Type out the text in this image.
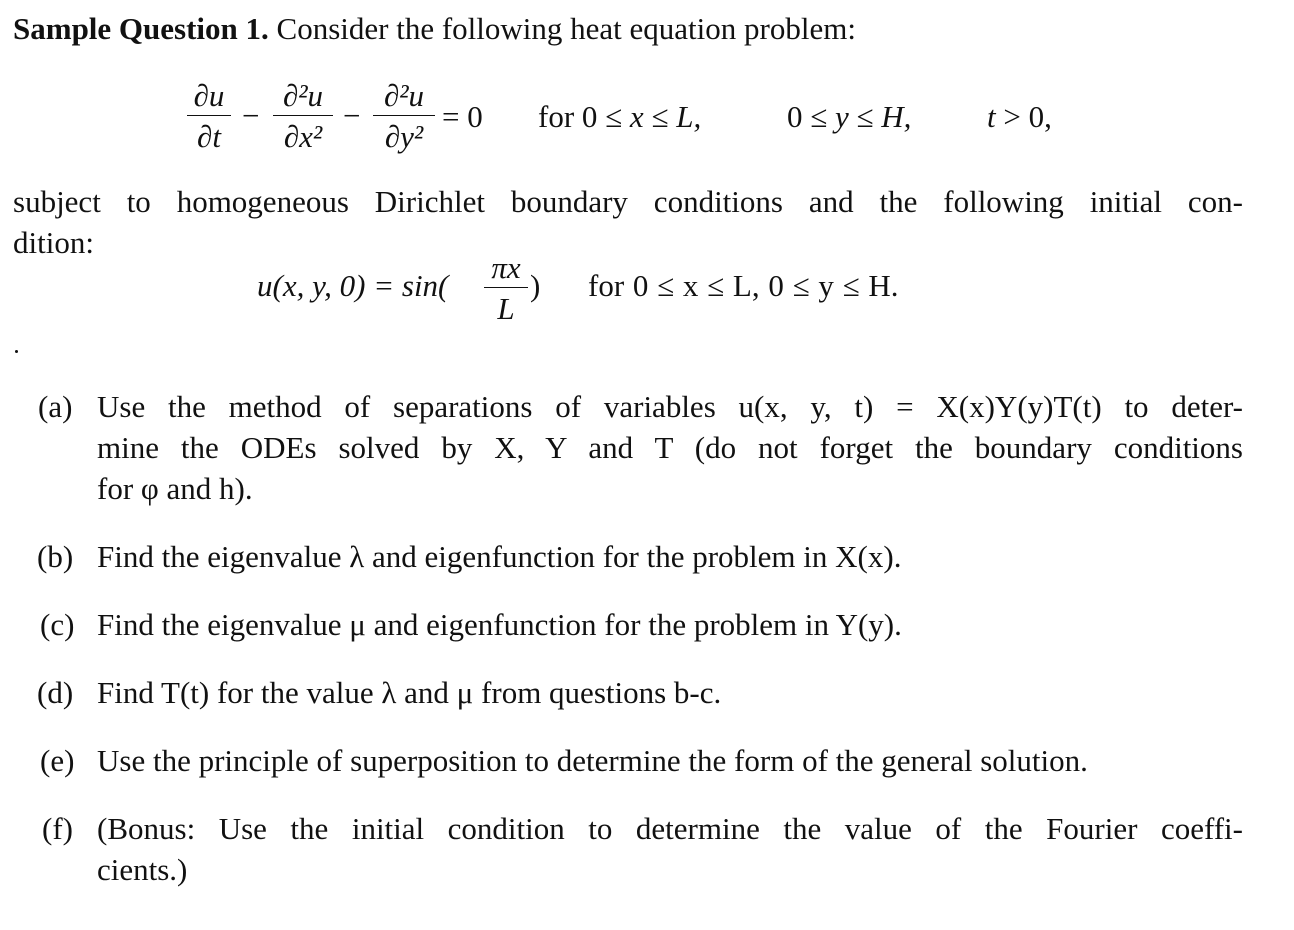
Sample Question 1. Consider the following heat equation problem:
∂u
∂t
−
∂²u
∂x²
−
∂²u
∂y²
= 0 for 0 ≤ x ≤ L,	0 ≤ y ≤ H, t > 0,
subject to homogeneous Dirichlet boundary conditions and the following initial con-
dition:
u(x, y, 0) = sin(
πx
L
) for 0 ≤ x ≤ L, 0 ≤ y ≤ H.
(a) Use the method of separations of variables u(x, y, t) = X(x)Y(y)T(t) to deter-
mine the ODEs solved by X, Y and T (do not forget the boundary conditions
for φ and h).
(b) Find the eigenvalue λ and eigenfunction for the problem in X(x).
(c) Find the eigenvalue μ and eigenfunction for the problem in Y(y).
(d) Find T(t) for the value λ and μ from questions b-c.
(e) Use the principle of superposition to determine the form of the general solution.
(f) (Bonus: Use the initial condition to determine the value of the Fourier coeffi-
cients.)
